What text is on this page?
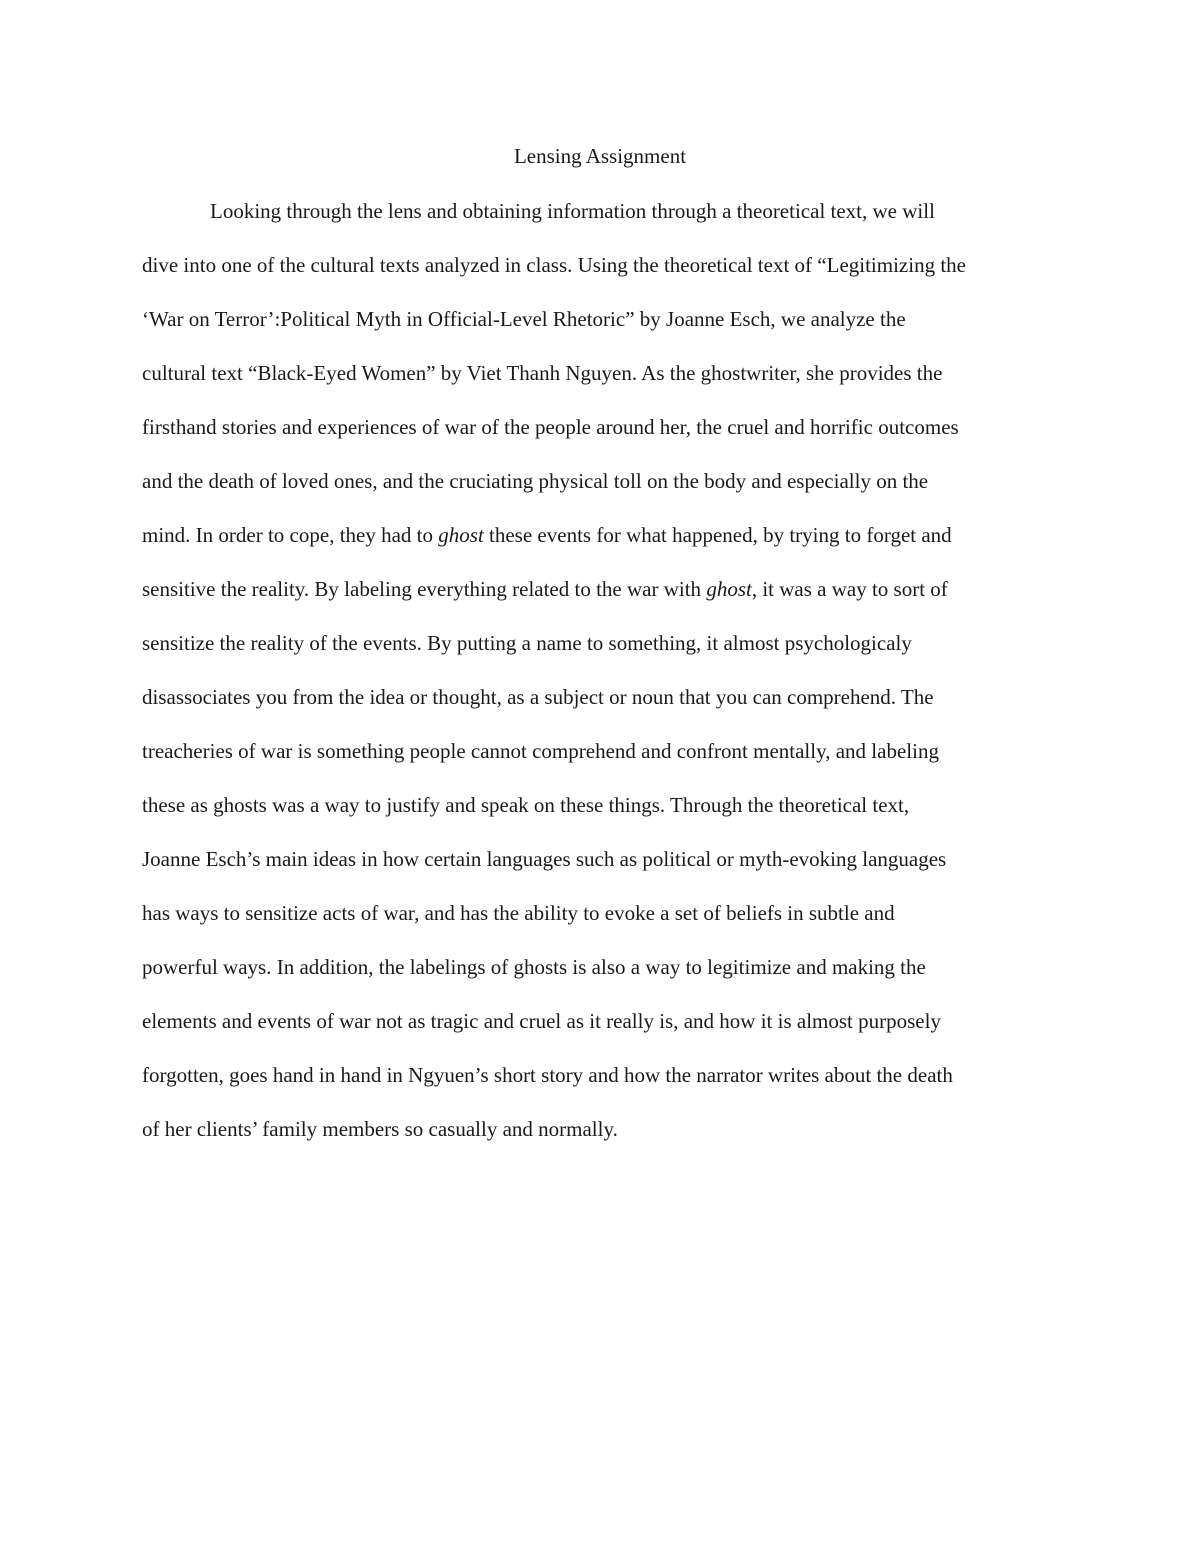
Lensing Assignment
Looking through the lens and obtaining information through a theoretical text, we will
dive into one of the cultural texts analyzed in class. Using the theoretical text of “Legitimizing the
‘War on Terror’:Political Myth in Official-Level Rhetoric” by Joanne Esch, we analyze the
cultural text “Black-Eyed Women” by Viet Thanh Nguyen. As the ghostwriter, she provides the
firsthand stories and experiences of war of the people around her, the cruel and horrific outcomes
and the death of loved ones, and the cruciating physical toll on the body and especially on the
mind. In order to cope, they had to ghost these events for what happened, by trying to forget and
sensitive the reality. By labeling everything related to the war with ghost, it was a way to sort of
sensitize the reality of the events. By putting a name to something, it almost psychologicaly
disassociates you from the idea or thought, as a subject or noun that you can comprehend. The
treacheries of war is something people cannot comprehend and confront mentally, and labeling
these as ghosts was a way to justify and speak on these things. Through the theoretical text,
Joanne Esch’s main ideas in how certain languages such as political or myth-evoking languages
has ways to sensitize acts of war, and has the ability to evoke a set of beliefs in subtle and
powerful ways. In addition, the labelings of ghosts is also a way to legitimize and making the
elements and events of war not as tragic and cruel as it really is, and how it is almost purposely
forgotten, goes hand in hand in Ngyuen’s short story and how the narrator writes about the death
of her clients’ family members so casually and normally.
